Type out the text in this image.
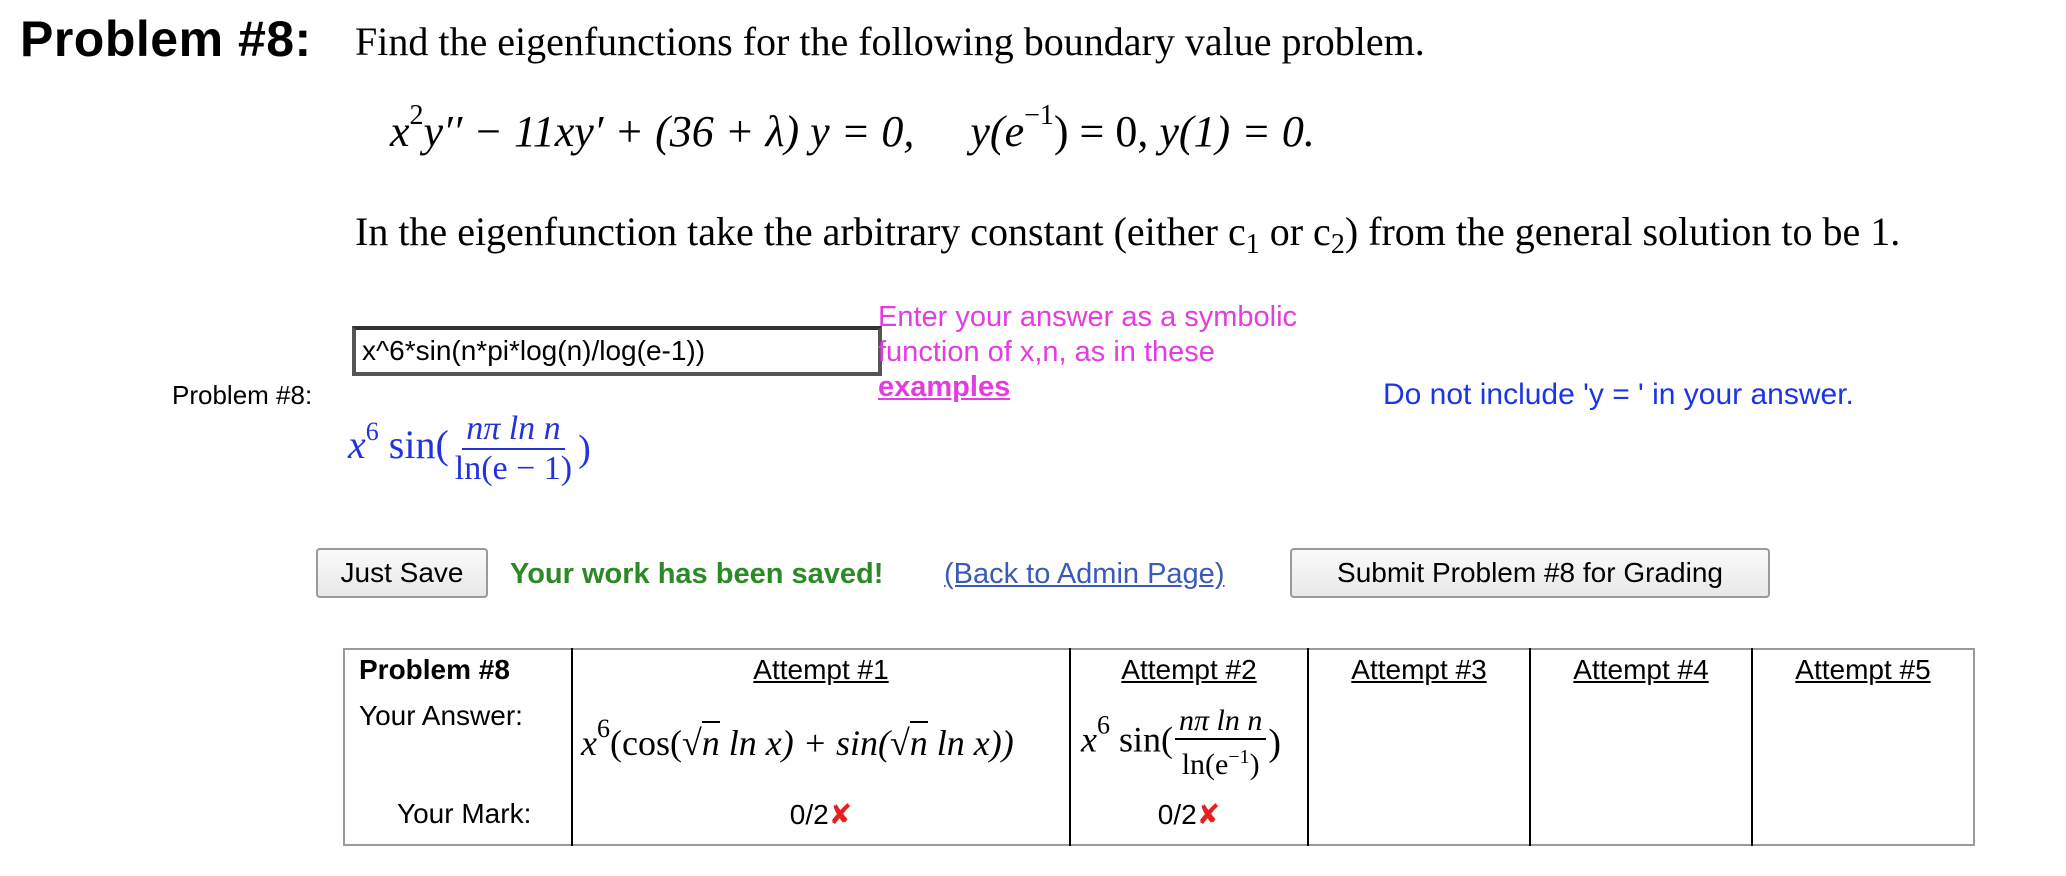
Problem #8: Find the eigenfunctions for the following boundary value problem.
$x^2y'' - 11xy' + (36 + \lambda) y = 0$, $y(e^{-1}) = 0$, y(1) = 0.
In the eigenfunction take the arbitrary constant (either $c_1$ or $c_2$) from the general solution to be 1.
Problem #8:
x^6*sin(n*pi*log(n)/log(e-1))
Enter your answer as a symbolic function of x,n, as in these
examples	Do not include 'y = ' in your answer.
$x^6$ $\sin( \frac{\text{nπ ln n}}{\ln(e - 1)}$ )
Just Save	Your work has been saved! (Back to Admin Page)	Submit Problem #8 for Grading
Problem #8	Attempt #1	Attempt #2	Attempt #3	Attempt #4	Attempt #5
Your Answer:	$x^6(\cos(√n$ ln x) + sin(√n ln x))	$x^6$ $\sin( \frac{\text{nπ ln n}}{\ln(e^{-1})}$ )			
Your Mark:	0/2✘	0/2✘			
